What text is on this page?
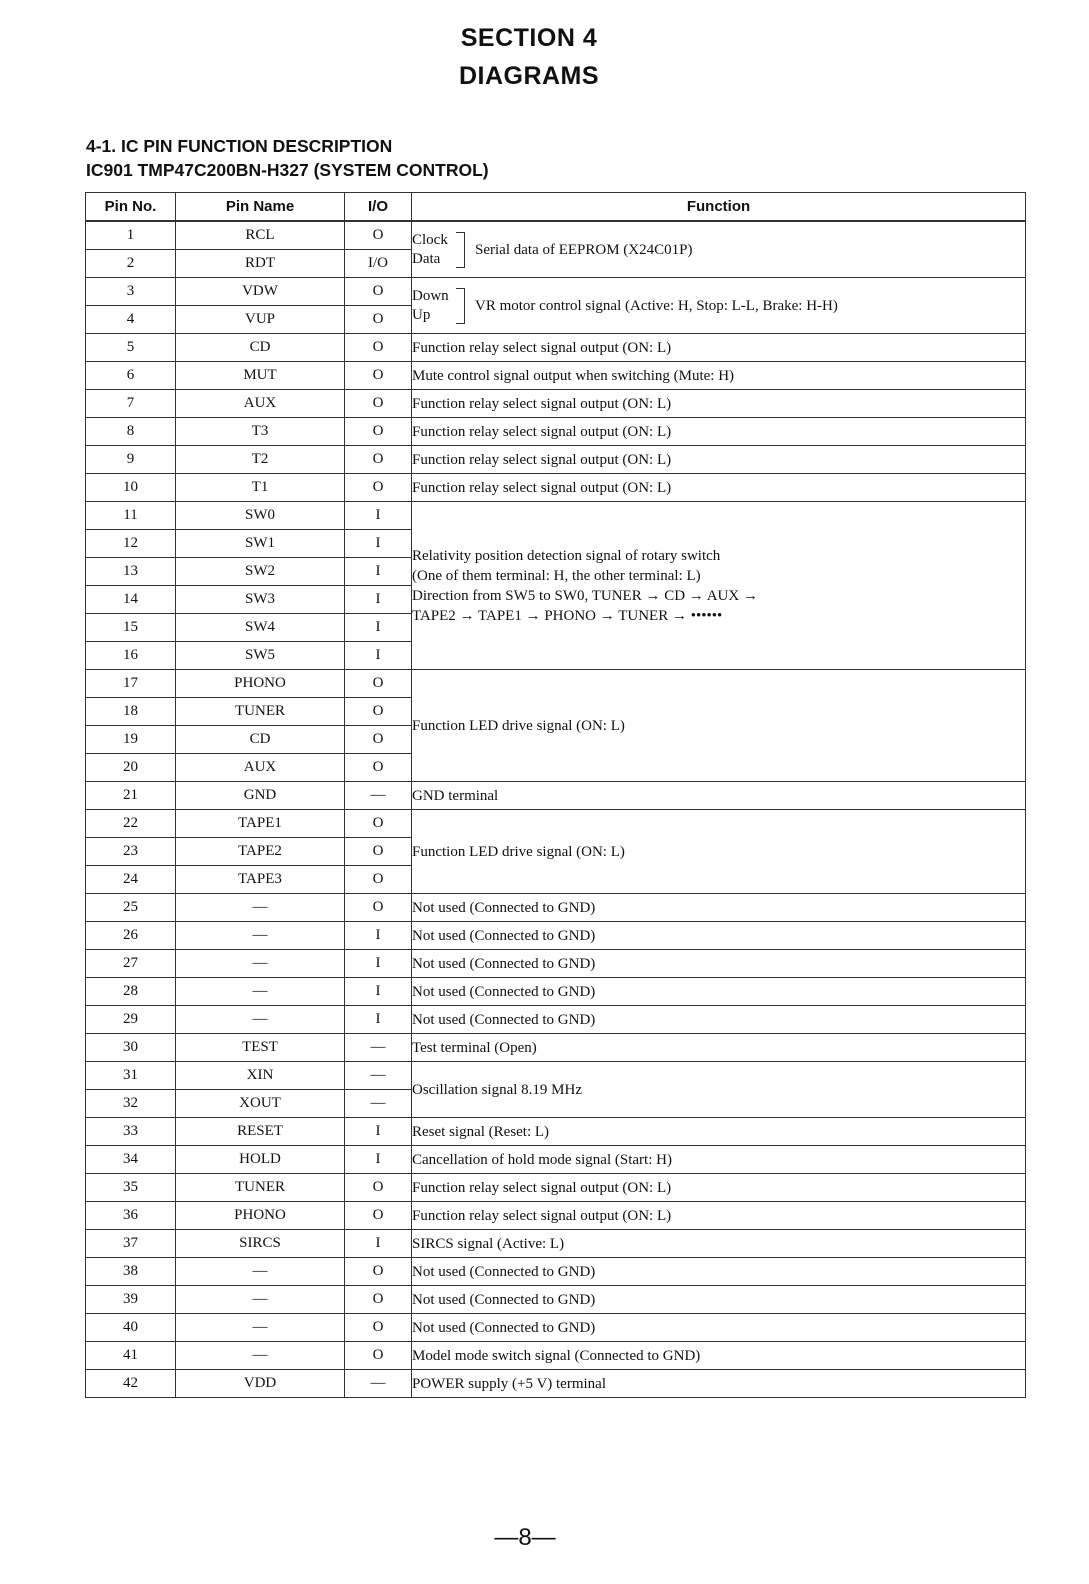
SECTION 4
DIAGRAMS
4-1. IC PIN FUNCTION DESCRIPTION
IC901 TMP47C200BN-H327 (SYSTEM CONTROL)
Pin No.	Pin Name	I/O	Function
1	RCL	O	Clock
Data
Serial data of EEPROM (X24C01P)

2	RDT	I/O	
3	VDW	O	Down
Up
VR motor control signal (Active: H, Stop: L-L, Brake: H-H)

4	VUP	O	
5	CD	O	Function relay select signal output (ON: L)
6	MUT	O	Mute control signal output when switching (Mute: H)
7	AUX	O	Function relay select signal output (ON: L)
8	T3	O	Function relay select signal output (ON: L)
9	T2	O	Function relay select signal output (ON: L)
10	T1	O	Function relay select signal output (ON: L)
11	SW0	I	Relativity position detection signal of rotary switch
(One of them terminal: H, the other terminal: L)
Direction from SW5 to SW0, TUNER → CD → AUX →
TAPE2 → TAPE1 → PHONO → TUNER → ••••••

12	SW1	I	
13	SW2	I	
14	SW3	I	
15	SW4	I	
16	SW5	I	
17	PHONO	O	Function LED drive signal (ON: L)
18	TUNER	O	
19	CD	O	
20	AUX	O	
21	GND	—	GND terminal
22	TAPE1	O	Function LED drive signal (ON: L)
23	TAPE2	O	
24	TAPE3	O	
25	—	O	Not used (Connected to GND)
26	—	I	Not used (Connected to GND)
27	—	I	Not used (Connected to GND)
28	—	I	Not used (Connected to GND)
29	—	I	Not used (Connected to GND)
30	TEST	—	Test terminal (Open)
31	XIN	—	Oscillation signal 8.19 MHz
32	XOUT	—	
33	RESET	I	Reset signal (Reset: L)
34	HOLD	I	Cancellation of hold mode signal (Start: H)
35	TUNER	O	Function relay select signal output (ON: L)
36	PHONO	O	Function relay select signal output (ON: L)
37	SIRCS	I	SIRCS signal (Active: L)
38	—	O	Not used (Connected to GND)
39	—	O	Not used (Connected to GND)
40	—	O	Not used (Connected to GND)
41	—	O	Model mode switch signal (Connected to GND)
42	VDD	—	POWER supply (+5 V) terminal
—8—
